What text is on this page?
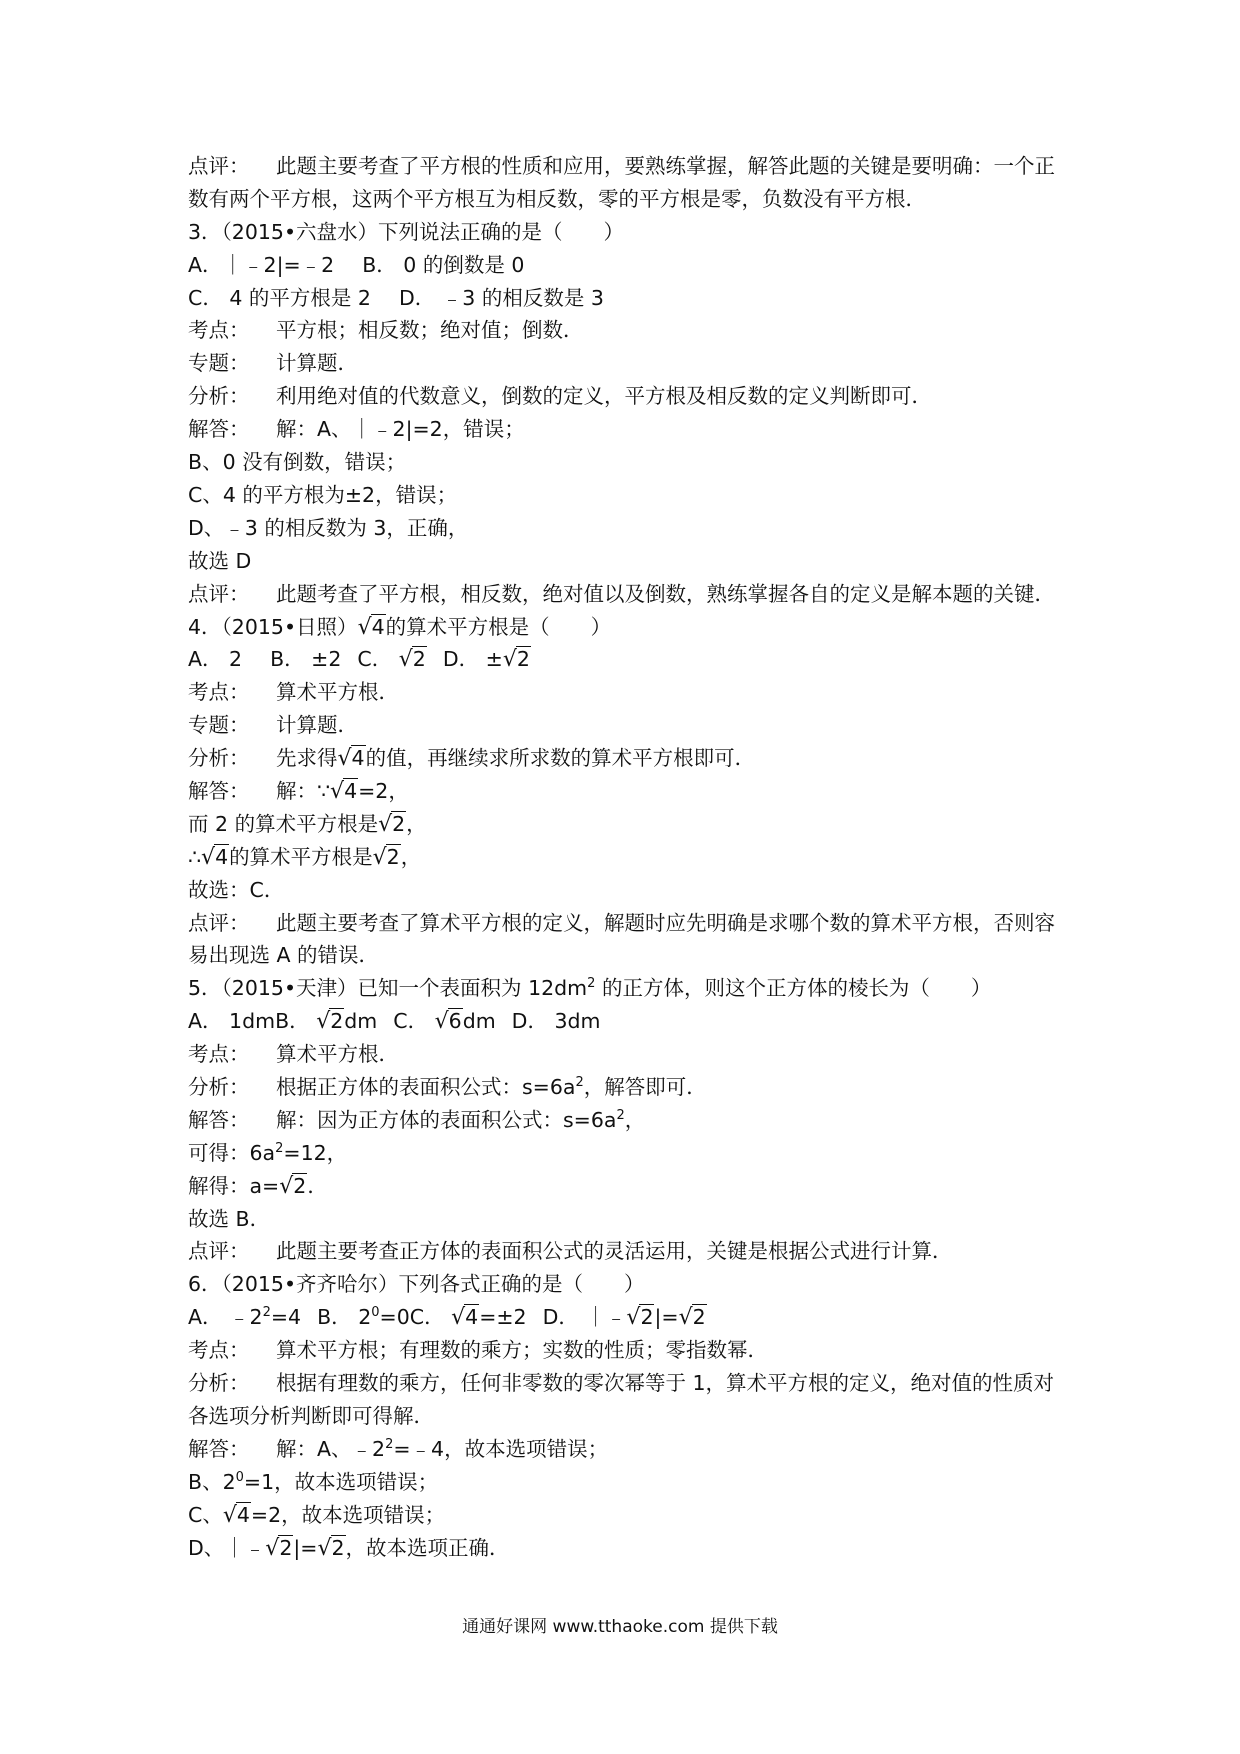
点评： 此题主要考查了平方根的性质和应用，要熟练掌握，解答此题的关键是要明确：一个正数有两个平方根，这两个平方根互为相反数，零的平方根是零，负数没有平方根．
3．（2015•六盘水）下列说法正确的是（　　）
A．｜﹣2|=﹣2 B． 0 的倒数是 0
C． 4 的平方根是 2 D． ﹣3 的相反数是 3
考点： 平方根；相反数；绝对值；倒数．
专题： 计算题．
分析： 利用绝对值的代数意义，倒数的定义，平方根及相反数的定义判断即可．
解答： 解：A、｜﹣2|=2，错误；
B、0 没有倒数，错误；
C、4 的平方根为±2，错误；
D、﹣3 的相反数为 3，正确，
故选 D
点评： 此题考查了平方根，相反数，绝对值以及倒数，熟练掌握各自的定义是解本题的关键．
4．（2015•日照）√4的算术平方根是（　　）
A． 2 B． ±2 C． √2 D． ±√2
考点： 算术平方根．
专题： 计算题．
分析： 先求得√4的值，再继续求所求数的算术平方根即可．
解答： 解：∵√4=2，
而 2 的算术平方根是√2，
∴√4的算术平方根是√2，
故选：C．
点评： 此题主要考查了算术平方根的定义，解题时应先明确是求哪个数的算术平方根，否则容易出现选 A 的错误．
5．（2015•天津）已知一个表面积为 $12dm^2$ 的正方体，则这个正方体的棱长为（　　）
A． 1dmB． √2dm C． √6dm D． 3dm
考点： 算术平方根．
分析： 根据正方体的表面积公式：$s=6a^2$，解答即可．
解答： 解：因为正方体的表面积公式：$s=6a^2$，
可得：$6a^2=12$，
解得：a=√2．
故选 B．
点评： 此题主要考查正方体的表面积公式的灵活运用，关键是根据公式进行计算．
6．（2015•齐齐哈尔）下列各式正确的是（　　）
A． $﹣2^2=4$ B． $2^0=0C$． √4=±2 D． ｜﹣√2|=√2
考点： 算术平方根；有理数的乘方；实数的性质；零指数幂．
分析： 根据有理数的乘方，任何非零数的零次幂等于 1，算术平方根的定义，绝对值的性质对各选项分析判断即可得解．
解答： 解：A、$﹣2^2=﹣4$，故本选项错误；
B、$2^0=1$，故本选项错误；
C、√4=2，故本选项错误；
D、｜﹣√2|=√2，故本选项正确．
通通好课网 www.tthaoke.com 提供下载
